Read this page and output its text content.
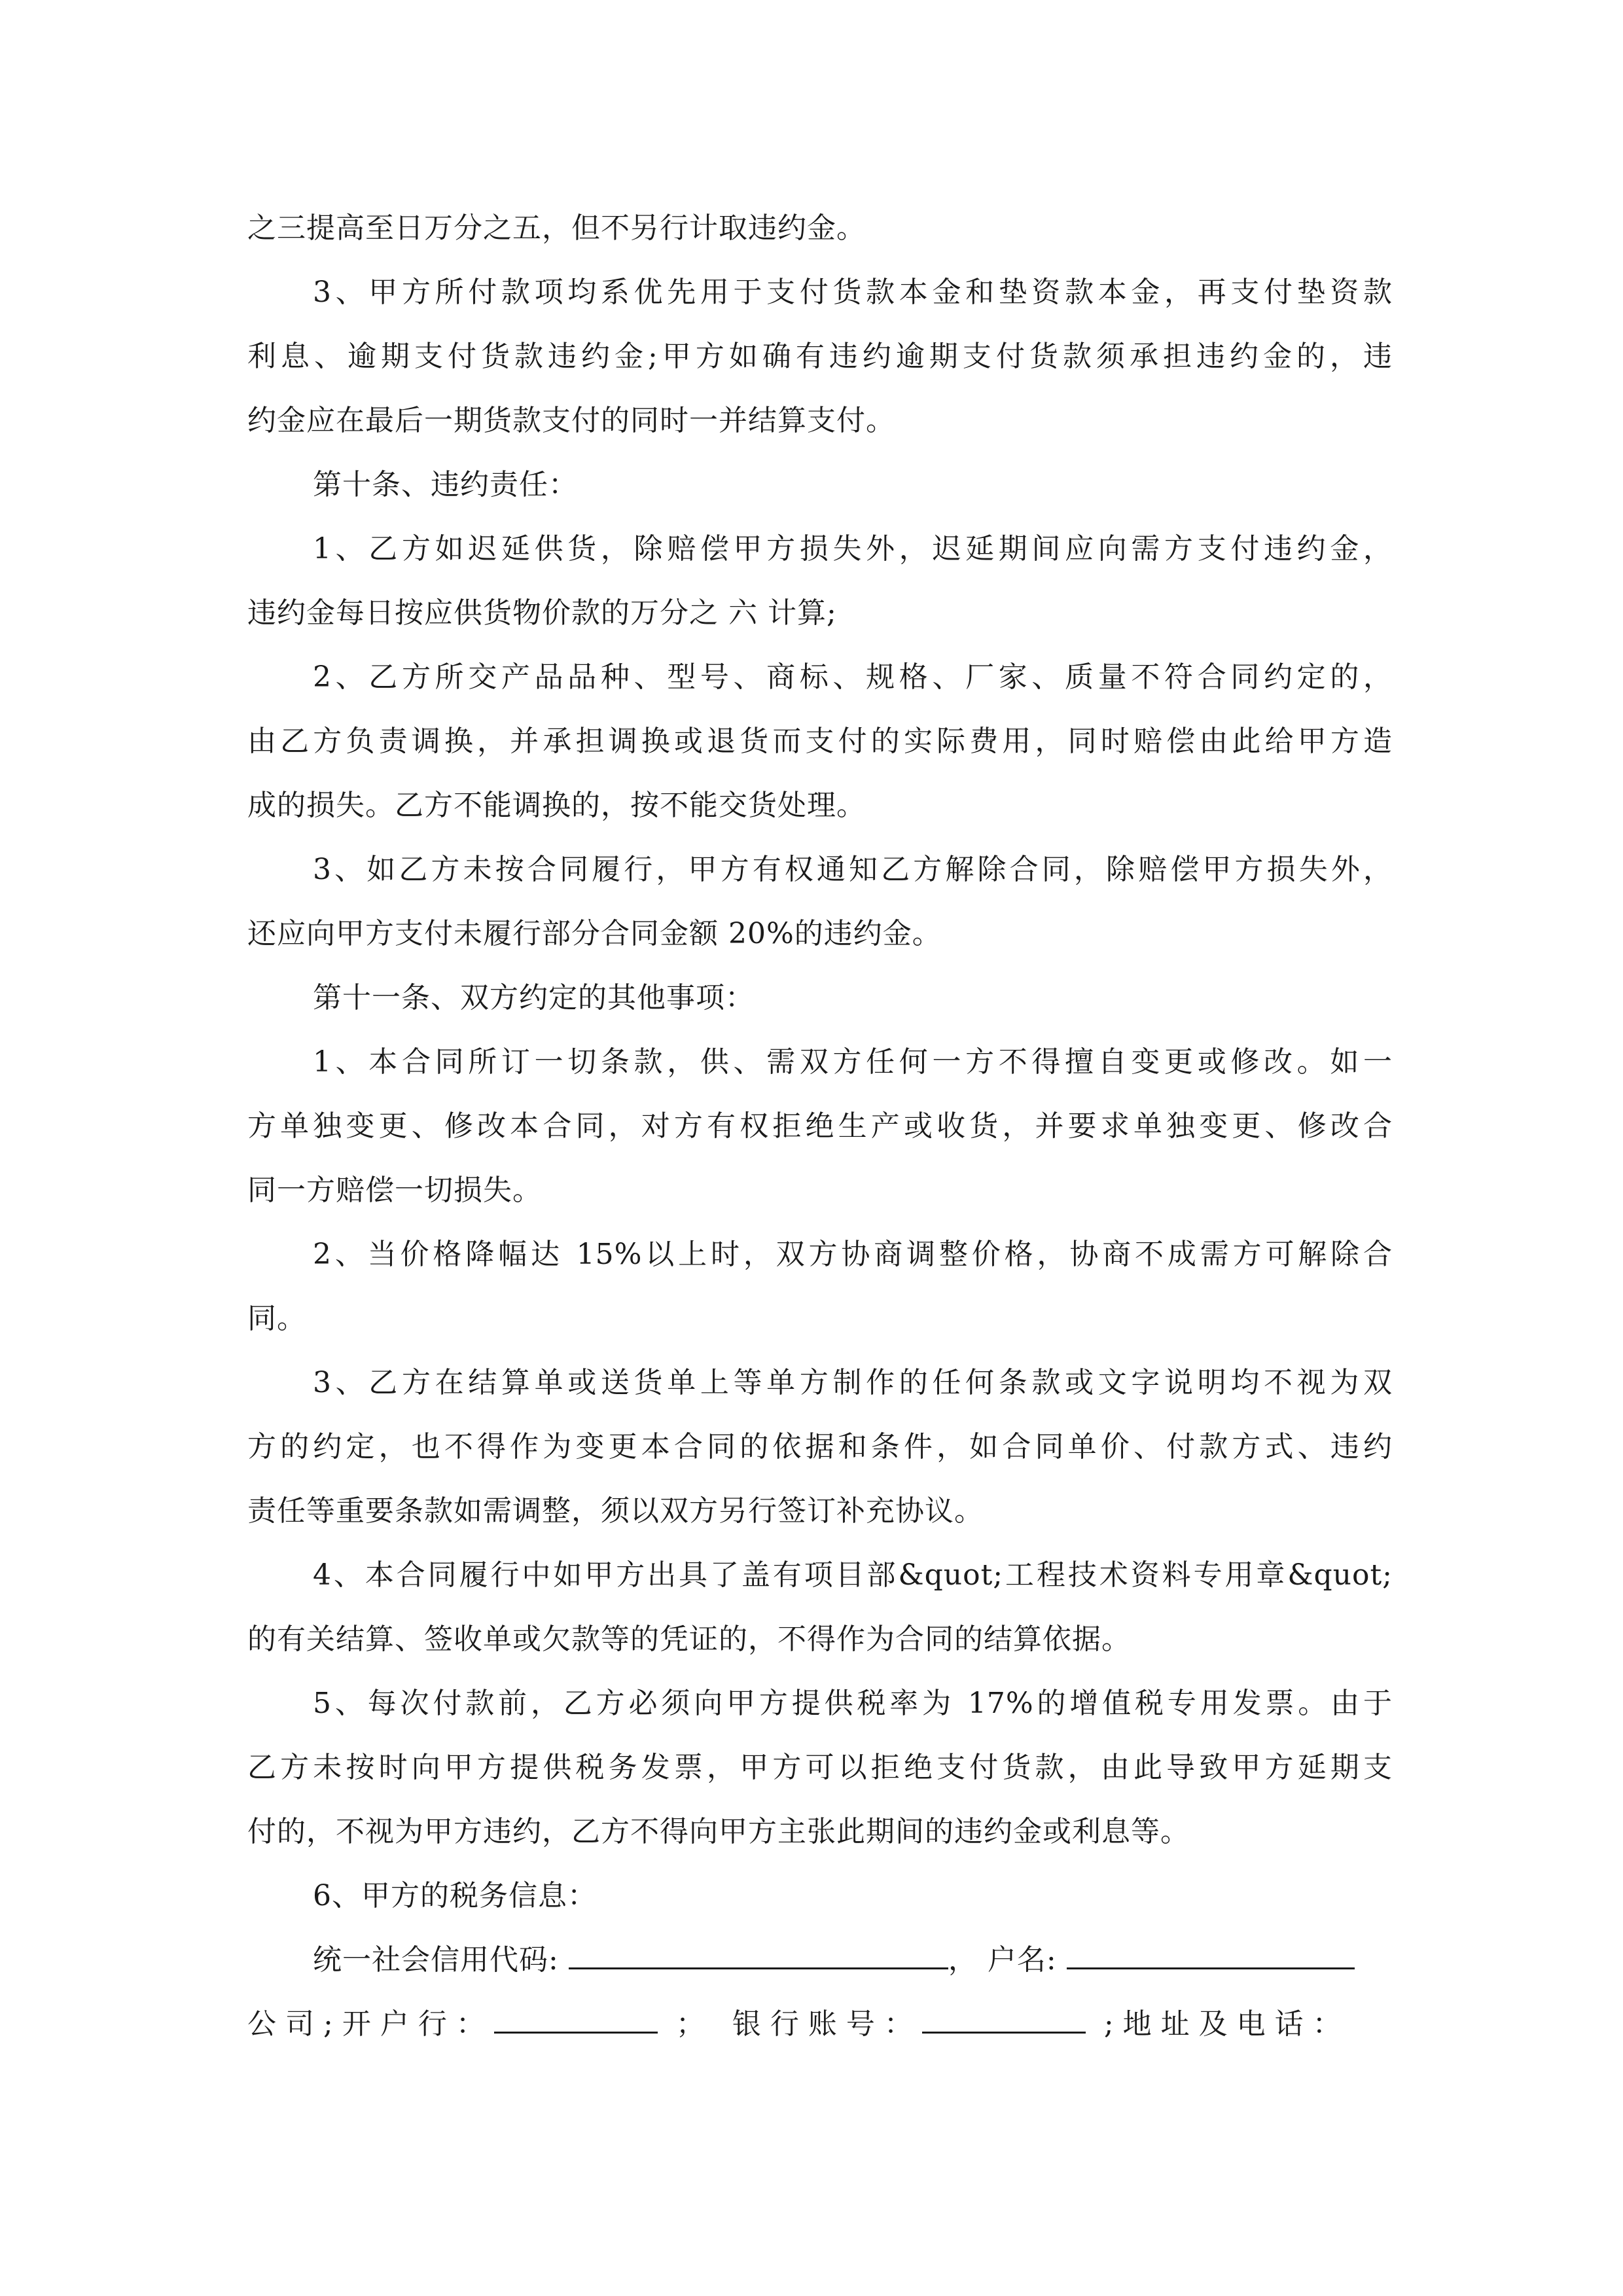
之三提高至日万分之五，但不另行计取违约金。
3、甲方所付款项均系优先用于支付货款本金和垫资款本金，再支付垫资款
利息、逾期支付货款违约金;甲方如确有违约逾期支付货款须承担违约金的，违
约金应在最后一期货款支付的同时一并结算支付。
第十条、违约责任：
1、乙方如迟延供货，除赔偿甲方损失外，迟延期间应向需方支付违约金，
违约金每日按应供货物价款的万分之 六 计算;
2、乙方所交产品品种、型号、商标、规格、厂家、质量不符合同约定的，
由乙方负责调换，并承担调换或退货而支付的实际费用，同时赔偿由此给甲方造
成的损失。乙方不能调换的，按不能交货处理。
3、如乙方未按合同履行，甲方有权通知乙方解除合同，除赔偿甲方损失外，
还应向甲方支付未履行部分合同金额 20%的违约金。
第十一条、双方约定的其他事项：
1、本合同所订一切条款，供、需双方任何一方不得擅自变更或修改。如一
方单独变更、修改本合同，对方有权拒绝生产或收货，并要求单独变更、修改合
同一方赔偿一切损失。
2、当价格降幅达 15%以上时，双方协商调整价格，协商不成需方可解除合
同。
3、乙方在结算单或送货单上等单方制作的任何条款或文字说明均不视为双
方的约定，也不得作为变更本合同的依据和条件，如合同单价、付款方式、违约
责任等重要条款如需调整，须以双方另行签订补充协议。
4、本合同履行中如甲方出具了盖有项目部&quot;工程技术资料专用章&quot;
的有关结算、签收单或欠款等的凭证的，不得作为合同的结算依据。
5、每次付款前，乙方必须向甲方提供税率为 17%的增值税专用发票。由于
乙方未按时向甲方提供税务发票，甲方可以拒绝支付货款，由此导致甲方延期支
付的，不视为甲方违约，乙方不得向甲方主张此期间的违约金或利息等。
6、甲方的税务信息：
统一社会信用代码:	， 户名:
公司;开户行：	； 银行账号：	;地址及电话：
